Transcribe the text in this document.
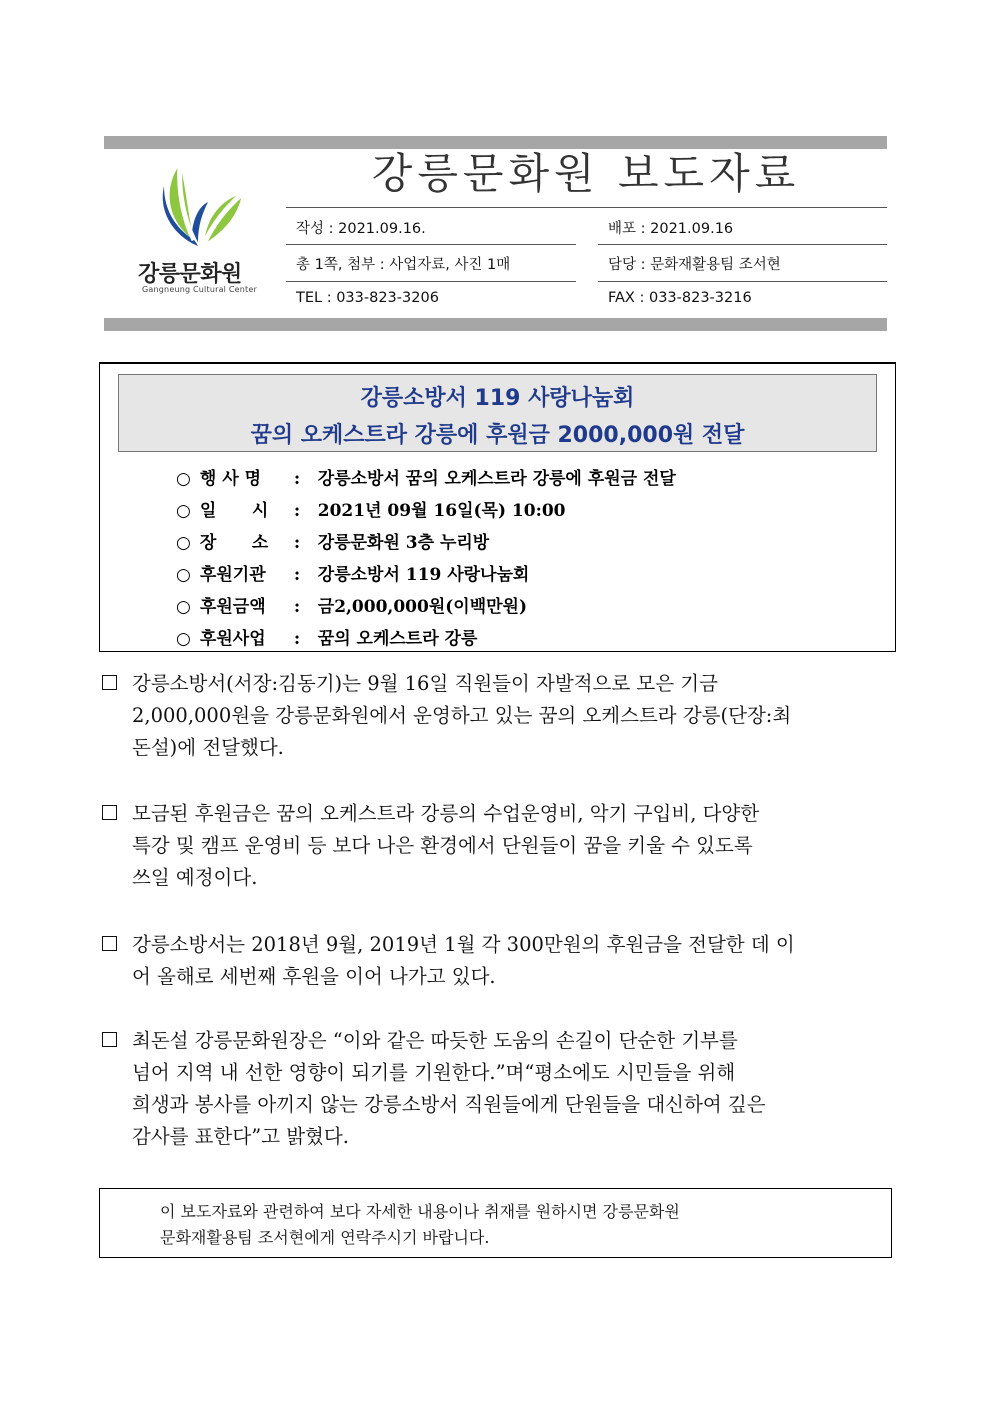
강릉문화원
Gangneung Cultural Center
강릉문화원 보도자료
작성 : 2021.09.16.	배포 : 2021.09.16
총 1쪽, 첨부 : 사업자료, 사진 1매	담당 : 문화재활용팀 조서현
TEL : 033-823-3206	FAX : 033-823-3216
강릉소방서 119 사랑나눔회
꿈의 오케스트라 강릉에 후원금 2000,000원 전달
○ 행 사 명 : 강릉소방서 꿈의 오케스트라 강릉에 후원금 전달
○ 일      시 : 2021년 09월 16일(목) 10:00
○ 장      소 : 강릉문화원 3층 누리방
○ 후원기관 : 강릉소방서 119 사랑나눔회
○ 후원금액 : 금2,000,000원(이백만원)
○ 후원사업 : 꿈의 오케스트라 강릉
강릉소방서(서장:김동기)는 9월 16일 직원들이 자발적으로 모은 기금
2,000,000원을 강릉문화원에서 운영하고 있는 꿈의 오케스트라 강릉(단장:최
돈설)에 전달했다.
모금된 후원금은 꿈의 오케스트라 강릉의 수업운영비, 악기 구입비, 다양한
특강 및 캠프 운영비 등 보다 나은 환경에서 단원들이 꿈을 키울 수 있도록
쓰일 예정이다.
강릉소방서는 2018년 9월, 2019년 1월 각 300만원의 후원금을 전달한 데 이
어 올해로 세번째 후원을 이어 나가고 있다.
최돈설 강릉문화원장은 “이와 같은 따듯한 도움의 손길이 단순한 기부를
넘어 지역 내 선한 영향이 되기를 기원한다.”며“평소에도 시민들을 위해
희생과 봉사를 아끼지 않는 강릉소방서 직원들에게 단원들을 대신하여 깊은
감사를 표한다”고 밝혔다.
이 보도자료와 관련하여 보다 자세한 내용이나 취재를 원하시면 강릉문화원
문화재활용팀 조서현에게 연락주시기 바랍니다.
